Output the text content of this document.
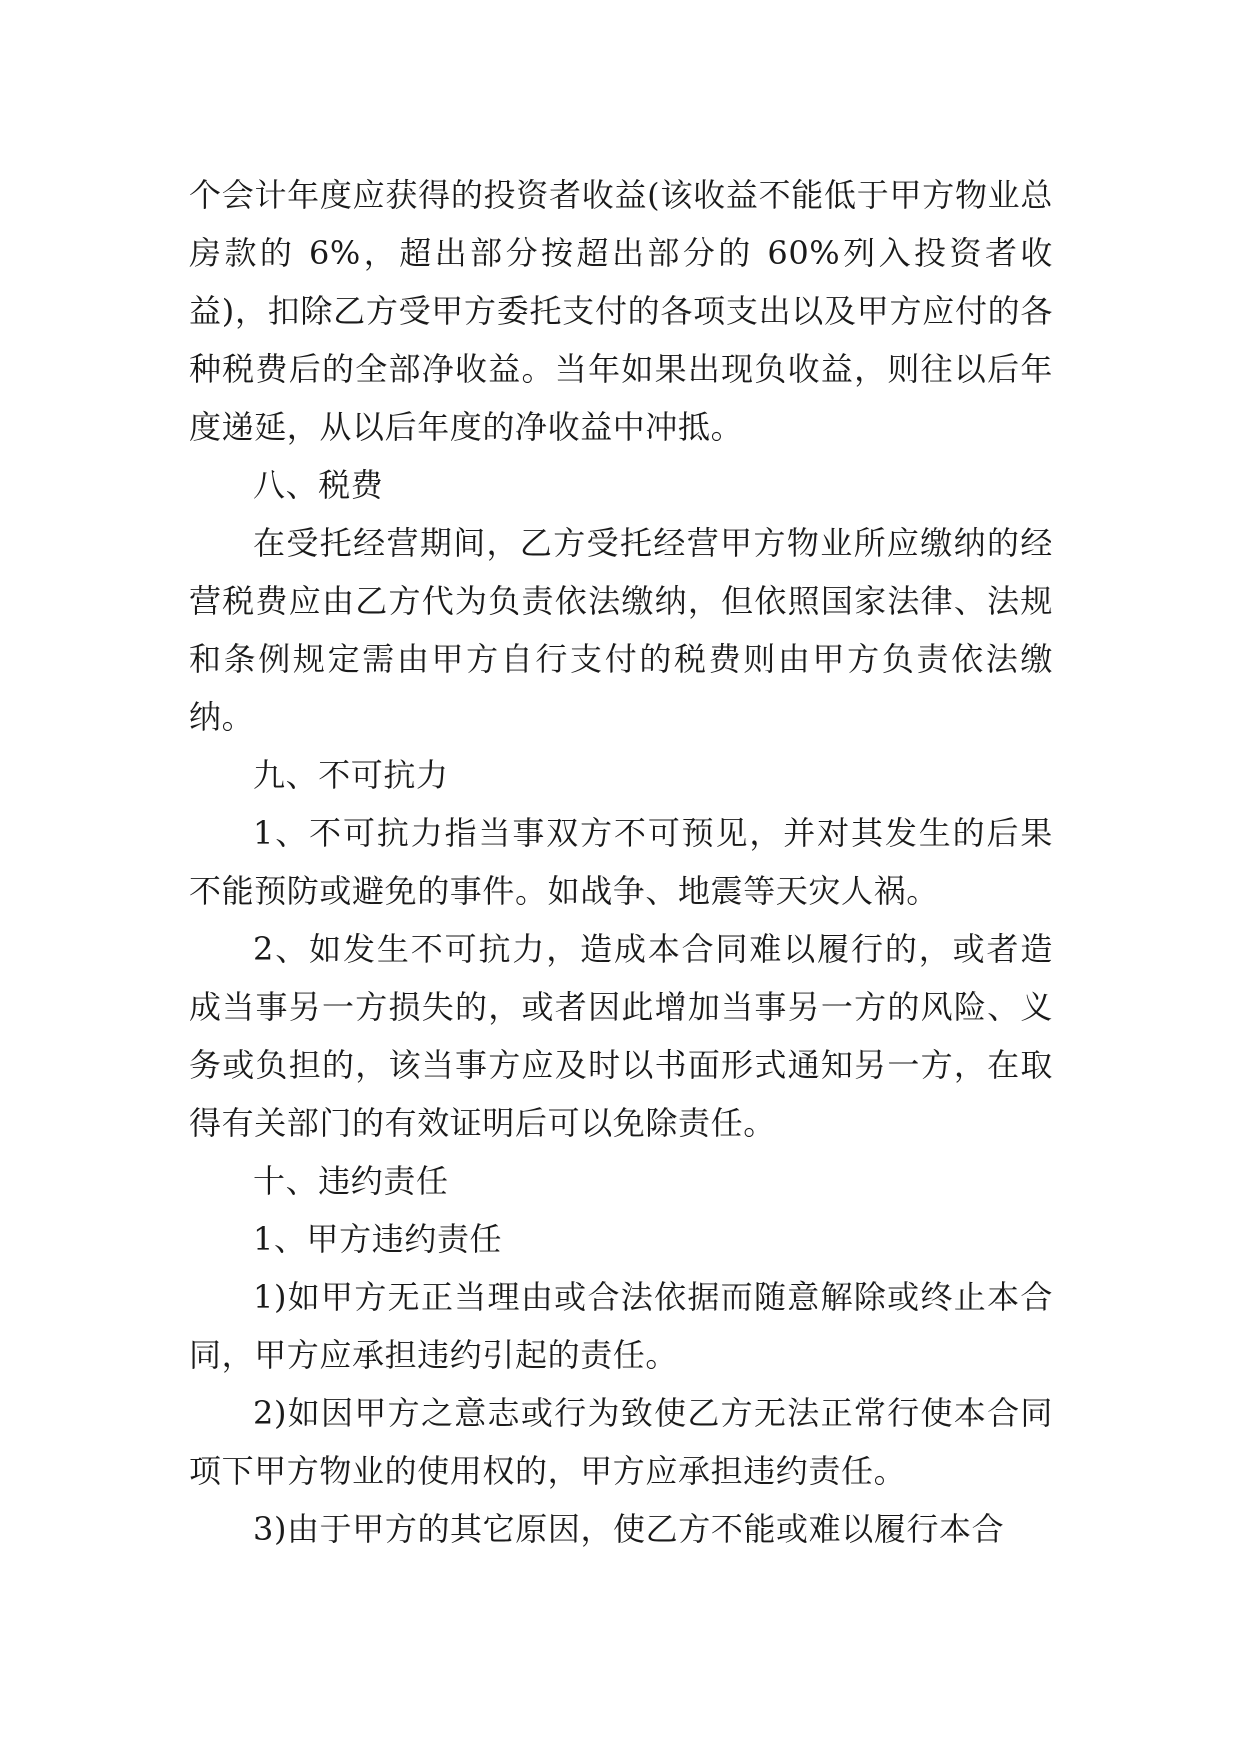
个会计年度应获得的投资者收益(该收益不能低于甲方物业总房款的 6%，超出部分按超出部分的 60%列入投资者收益)，扣除乙方受甲方委托支付的各项支出以及甲方应付的各种税费后的全部净收益。当年如果出现负收益，则往以后年度递延，从以后年度的净收益中冲抵。

八、税费

在受托经营期间，乙方受托经营甲方物业所应缴纳的经营税费应由乙方代为负责依法缴纳，但依照国家法律、法规和条例规定需由甲方自行支付的税费则由甲方负责依法缴纳。

九、不可抗力

1、不可抗力指当事双方不可预见，并对其发生的后果不能预防或避免的事件。如战争、地震等天灾人祸。

2、如发生不可抗力，造成本合同难以履行的，或者造成当事另一方损失的，或者因此增加当事另一方的风险、义务或负担的，该当事方应及时以书面形式通知另一方，在取得有关部门的有效证明后可以免除责任。

十、违约责任

1、甲方违约责任

1)如甲方无正当理由或合法依据而随意解除或终止本合同，甲方应承担违约引起的责任。

2)如因甲方之意志或行为致使乙方无法正常行使本合同项下甲方物业的使用权的，甲方应承担违约责任。

3)由于甲方的其它原因，使乙方不能或难以履行本合
